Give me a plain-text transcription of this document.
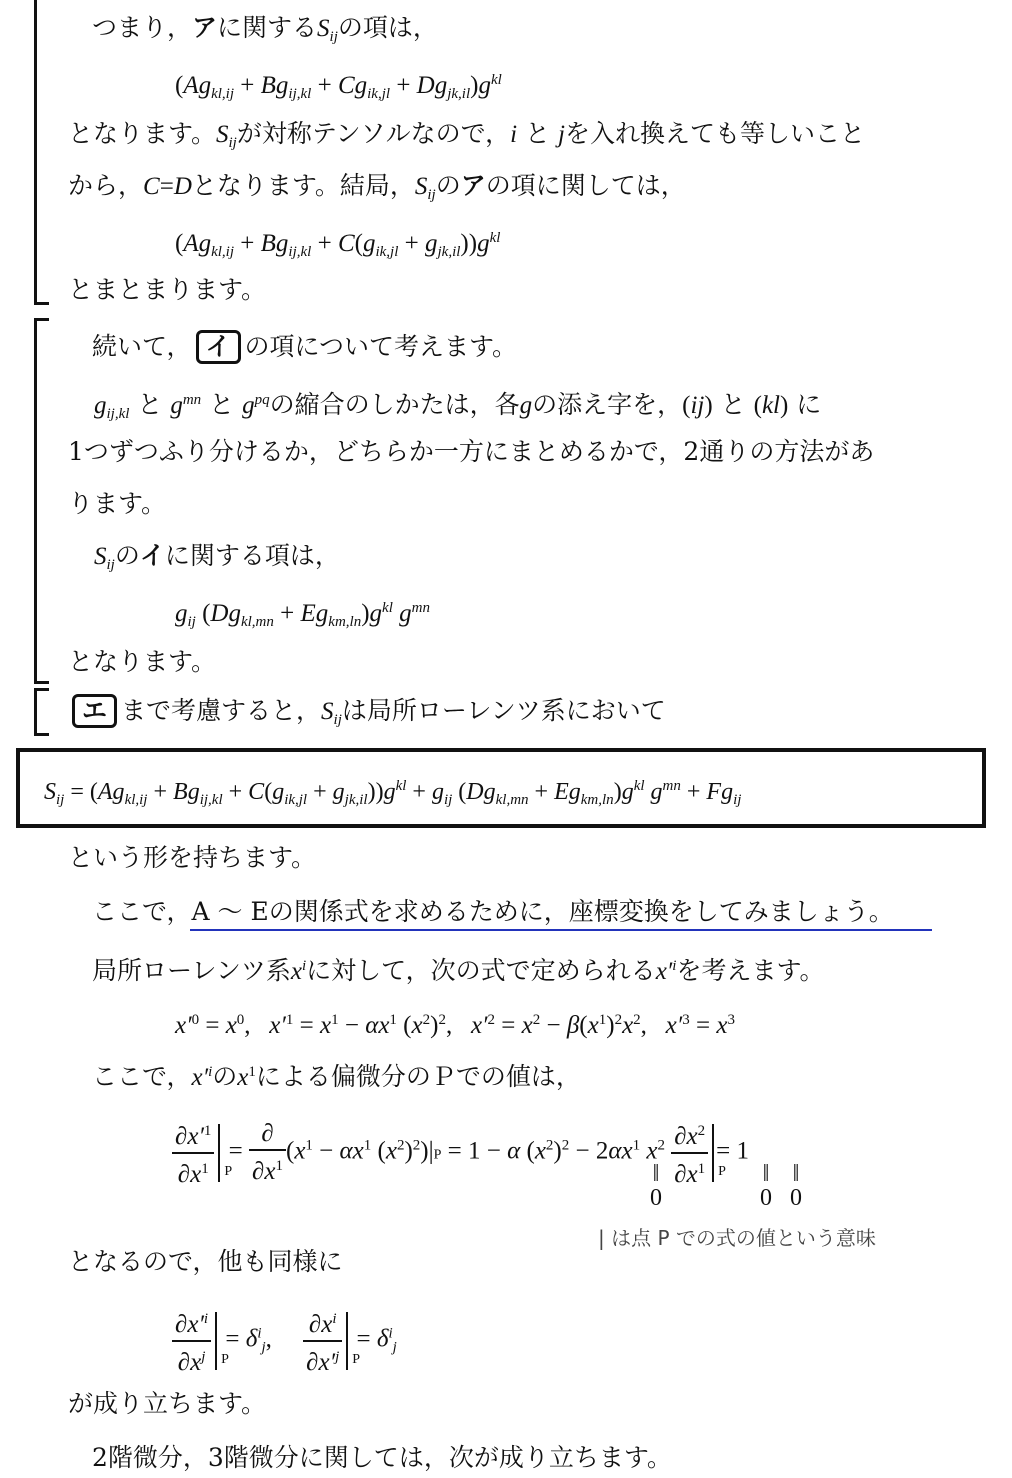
つまり，アに関する$S_{ij}$の項は，
$(Ag_{kl,ij} + Bg_{ij,kl} + Cg_{ik,jl} + Dg_{jk,il})g^{kl}$
となります。$S_{ij}$が対称テンソルなので，i と jを入れ換えても等しいこと
から，C=Dとなります。結局，$S_{ij}$のアの項に関しては，
$(Ag_{kl,ij} + Bg_{ij,kl} + C(g_{ik,jl} + g_{jk,il}))g^{kl}$
とまとまります。
続いて， イ の項について考えます。
$g_{ij,kl}$ と $g^{mn}$ と $g^{pq}$の縮合のしかたは，各gの添え字を，(ij) と (kl) に
1つずつふり分けるか，どちらか一方にまとめるかで，2通りの方法があ
ります。
$S_{ij}$のイに関する項は，
$g_{ij}$ $(Dg_{kl,mn} + Eg_{km,ln})g^{kl}$ $g^{mn}$
となります。
エ まで考慮すると，$S_{ij}$は局所ローレンツ系において
$S_{ij} = (Ag_{kl,ij} + Bg_{ij,kl} + C(g_{ik,jl} + g_{jk,il}))g^{kl} + g_{ij}$ $(Dg_{kl,mn} + Eg_{km,ln})g^{kl}$ $g^{mn} + Fg_{ij}$
という形を持ちます。
ここで，A ～ Eの関係式を求めるために，座標変換をしてみましょう。
局所ローレンツ系$x^i$に対して，次の式で定められる$x'^i$を考えます。
$x'^0 = x^0$,   $x'^1 = x^1 - \alpha x^1$ $(x^2)^2$,   $x'^2 = x^2 - \beta(x^1)^2x^2$,   $x'^3 = x^3$
ここで，$x'^i$の$x^1$による偏微分のＰでの値は，
$\frac{\partial x'^1}{\partial x^1}$ P
= $\frac{\partial}{\partial x^1} (x^1 - \alpha x^1$ $(x^2)^2)|P = 1 - \alpha$ $(x^2)^2 - 2\alpha x^1$ $x^2 \frac{\partial x^2}{\partial x^1}$ P
= 1
‖
0
‖
0
‖
0
| は点 P での式の値という意味
となるので，他も同様に
$\frac{\partial x'^i}{\partial x^j}$ P
= $\delta^i_j$, $\frac{\partial x^i}{\partial x'^j}$ P
= $\delta^i_j$
が成り立ちます。
2階微分，3階微分に関しては，次が成り立ちます。
